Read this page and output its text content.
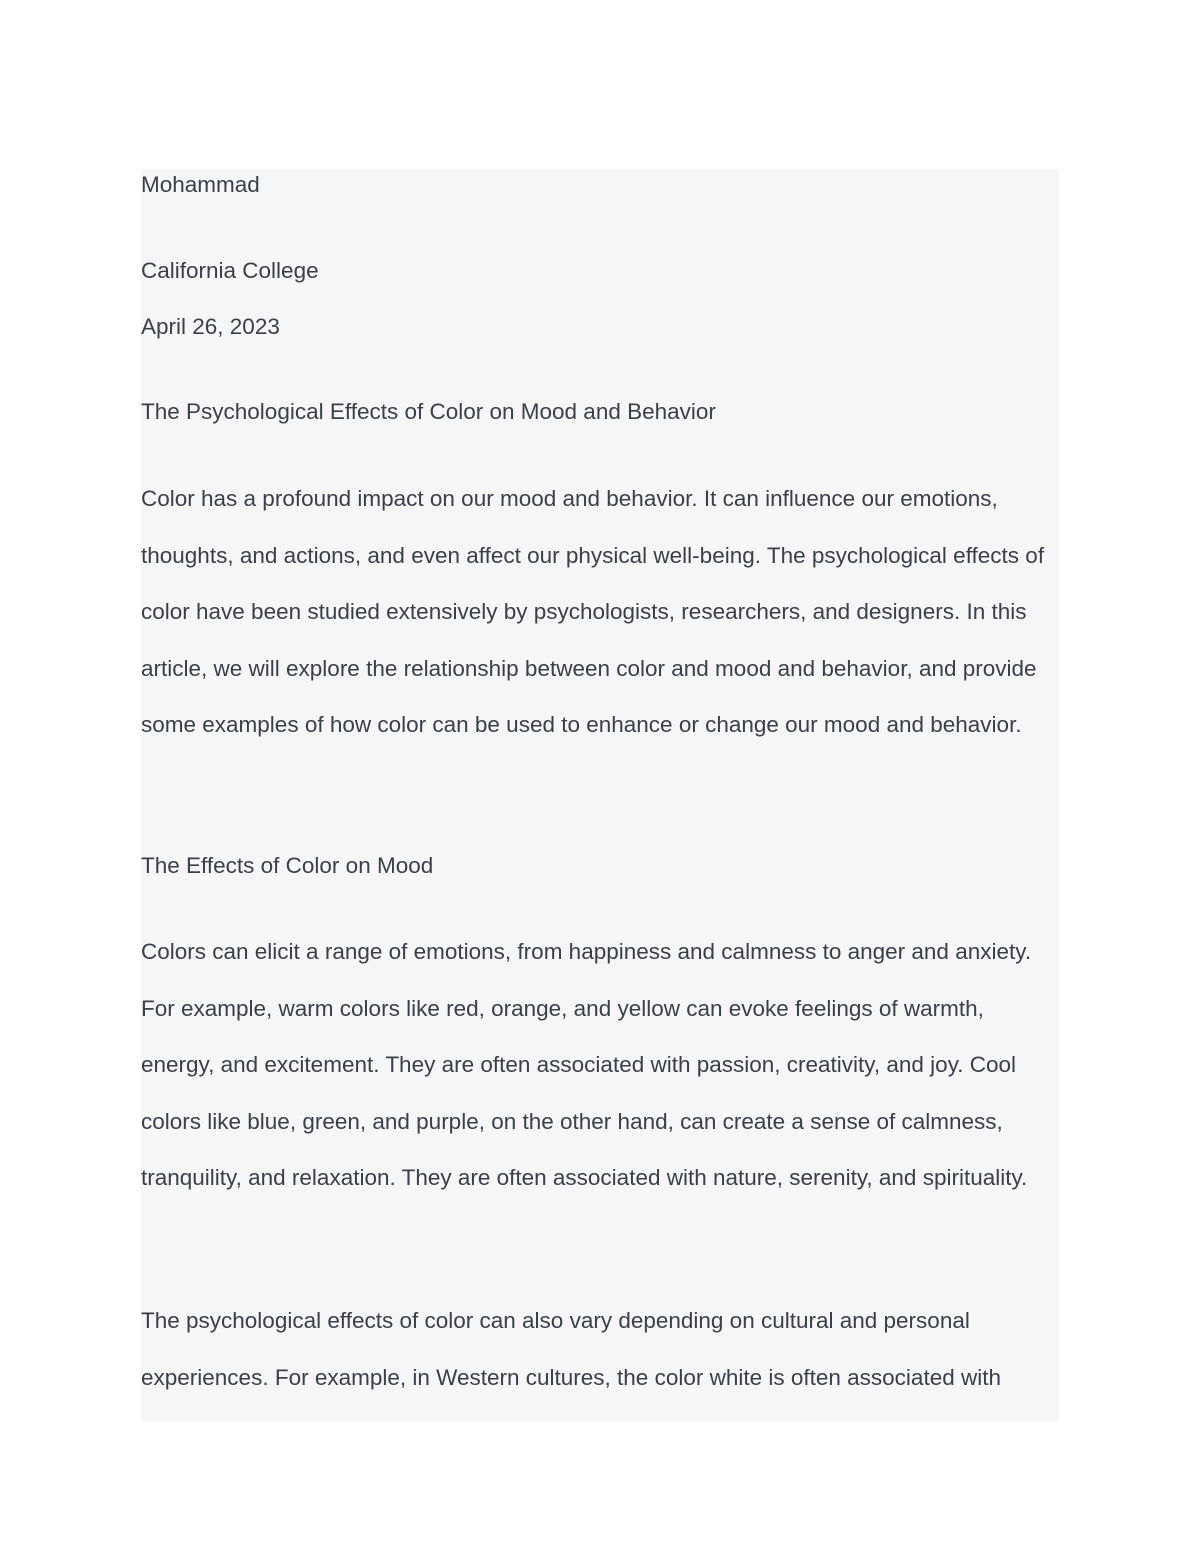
Mohammad

California College

April 26, 2023

The Psychological Effects of Color on Mood and Behavior

Color has a profound impact on our mood and behavior. It can influence our emotions, thoughts, and actions, and even affect our physical well-being. The psychological effects of color have been studied extensively by psychologists, researchers, and designers. In this article, we will explore the relationship between color and mood and behavior, and provide some examples of how color can be used to enhance or change our mood and behavior.

The Effects of Color on Mood

Colors can elicit a range of emotions, from happiness and calmness to anger and anxiety. For example, warm colors like red, orange, and yellow can evoke feelings of warmth, energy, and excitement. They are often associated with passion, creativity, and joy. Cool colors like blue, green, and purple, on the other hand, can create a sense of calmness, tranquility, and relaxation. They are often associated with nature, serenity, and spirituality.

The psychological effects of color can also vary depending on cultural and personal experiences. For example, in Western cultures, the color white is often associated with
